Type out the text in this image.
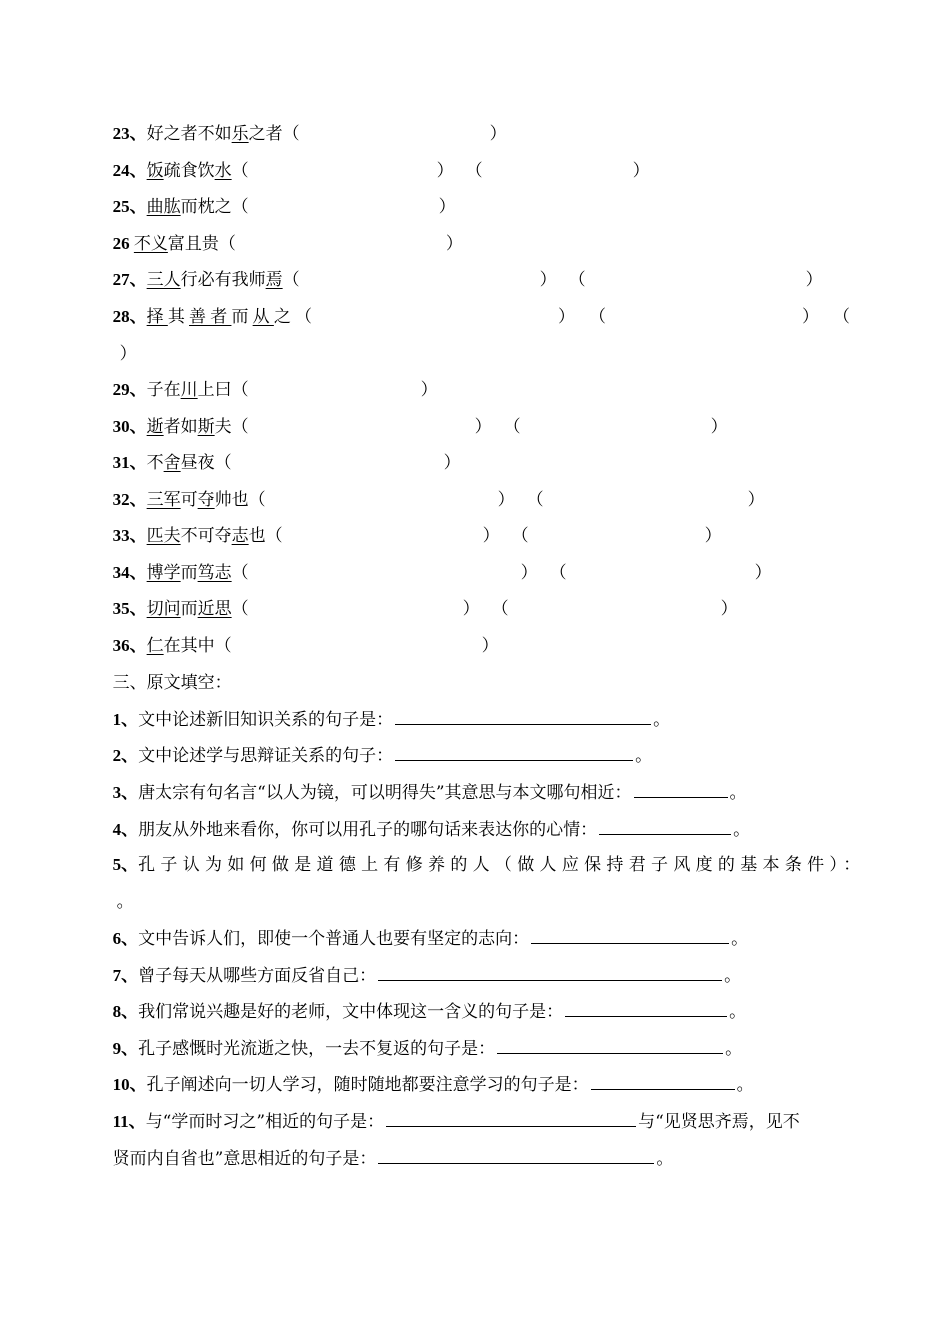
23、好之者不如乐之者（	）

24、饭疏食饮水（	） （	）

25、曲肱而枕之（	）

26 不义富且贵（	）

27、三人行必有我师焉（	） （	）

28、择其善者而从之（	） （	） （

）

29、子在川上曰（	）

30、逝者如斯夫（	） （	）

31、不舍昼夜（	）

32、三军可夺帅也（	） （	）

33、匹夫不可夺志也（	） （	）

34、博学而笃志（	） （	）

35、切问而近思（	） （	）

36、仁在其中（	）

三、原文填空：

1、文中论述新旧知识关系的句子是：	。

2、文中论述学与思辩证关系的句子：	。

3、唐太宗有句名言“以人为镜，可以明得失”其意思与本文哪句相近：	。

4、朋友从外地来看你，你可以用孔子的哪句话来表达你的心情：	。

5、孔子认为如何做是道德上有修养的人（做人应保持君子风度的基本条件）：

。

6、文中告诉人们，即使一个普通人也要有坚定的志向：	。

7、曾子每天从哪些方面反省自己：	。

8、我们常说兴趣是好的老师，文中体现这一含义的句子是：	。

9、孔子感慨时光流逝之快，一去不复返的句子是：	。

10、孔子阐述向一切人学习，随时随地都要注意学习的句子是：	。

11、与“学而时习之”相近的句子是：	与“见贤思齐焉，见不

贤而内自省也”意思相近的句子是：	。
